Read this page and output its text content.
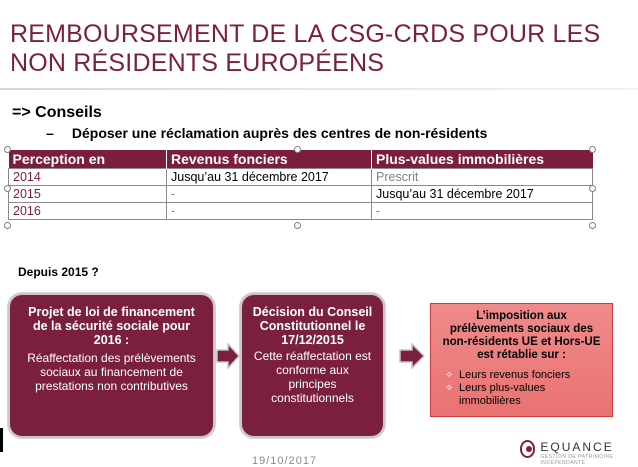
REMBOURSEMENT DE LA CSG-CRDS POUR LES
NON RÉSIDENTS EUROPÉENS
=> Conseils
– Déposer une réclamation auprès des centres de non-résidents
Perception en	Revenus fonciers	Plus-values immobilières
2014	Jusqu’au 31 décembre 2017	Prescrit
2015	-	Jusqu’au 31 décembre 2017
2016	-	-
Depuis 2015 ?
Projet de loi de financement de la sécurité sociale pour 2016 :
Réaffectation des prélèvements sociaux au financement de prestations non contributives
Décision du Conseil Constitutionnel le 17/12/2015
Cette réaffectation est conforme aux principes constitutionnels
L’imposition aux prélèvements sociaux des non-résidents UE et Hors-UE est rétablie sur :
✧ Leurs revenus fonciers
✧ Leurs plus-values immobilières
19/10/2017
EQUANCE
GESTION DE PATRIMOINE INDÉPENDANTE
